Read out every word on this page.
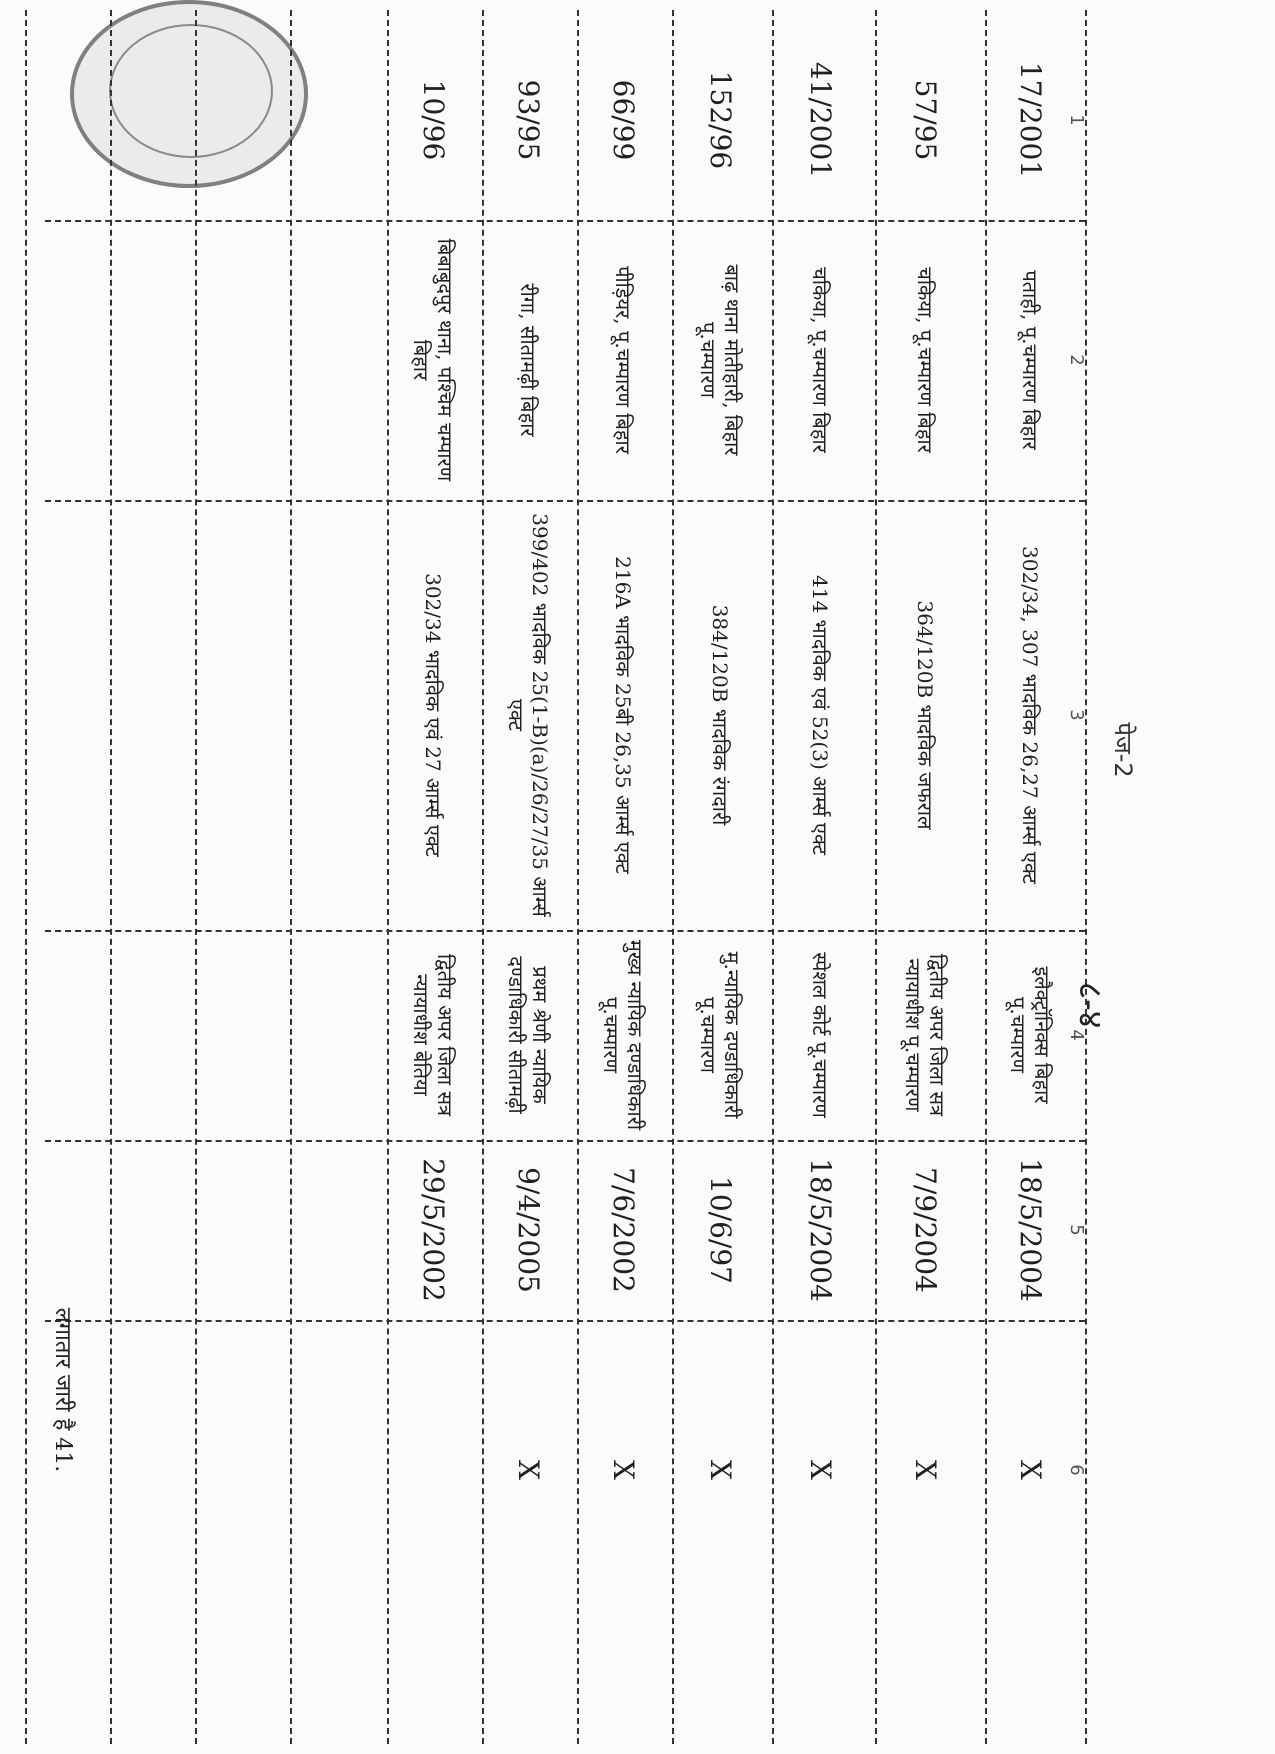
1
2
3
4
5
6
17/2001
पताही, पू.चम्पारण बिहार
302/34, 307 भादविक 26,27 आर्म्स एक्ट
इलैक्ट्रॉनिक्स बिहार पू.चम्पारण
18/5/2004
X
57/95
चकिया, पू.चम्पारण बिहार
364/120B भादविक जफराल
द्वितीय अपर जिला सत्र न्यायाधीश पू.चम्पारण
7/9/2004
X
41/2001
चकिया, पू.चम्पारण बिहार
414 भादविक एवं 52(3) आर्म्स एक्ट
स्पेशल कोर्ट पू.चम्पारण
18/5/2004
X
152/96
बाढ़ थाना मोतीहारी, बिहार पू.चम्पारण
384/120B भादविक रंगदारी
मु.न्यायिक दण्डाधिकारी पू.चम्पारण
10/6/97
X
66/99
पीड़ियर, पू.चम्पारण बिहार
216A भादविक 25बी 26,35 आर्म्स एक्ट
मुख्य न्यायिक दण्डाधिकारी पू.चम्पारण
7/6/2002
X
93/95
रीगा, सीतामढ़ी बिहार
399/402 भादविक 25(1-B)(a)/26/27/35 आर्म्स एक्ट
प्रथम श्रेणी न्यायिक दण्डाधिकारी सीतामढ़ी
9/4/2005
X
10/96
बिबाबुदपुर थाना, पश्चिम चम्पारण बिहार
302/34 भादविक एवं 27 आर्म्स एक्ट
द्वितीय अपर जिला सत्र न्यायाधीश बेतिया
29/5/2002
पेज-2
८-४
लगातार जारी है 41.
